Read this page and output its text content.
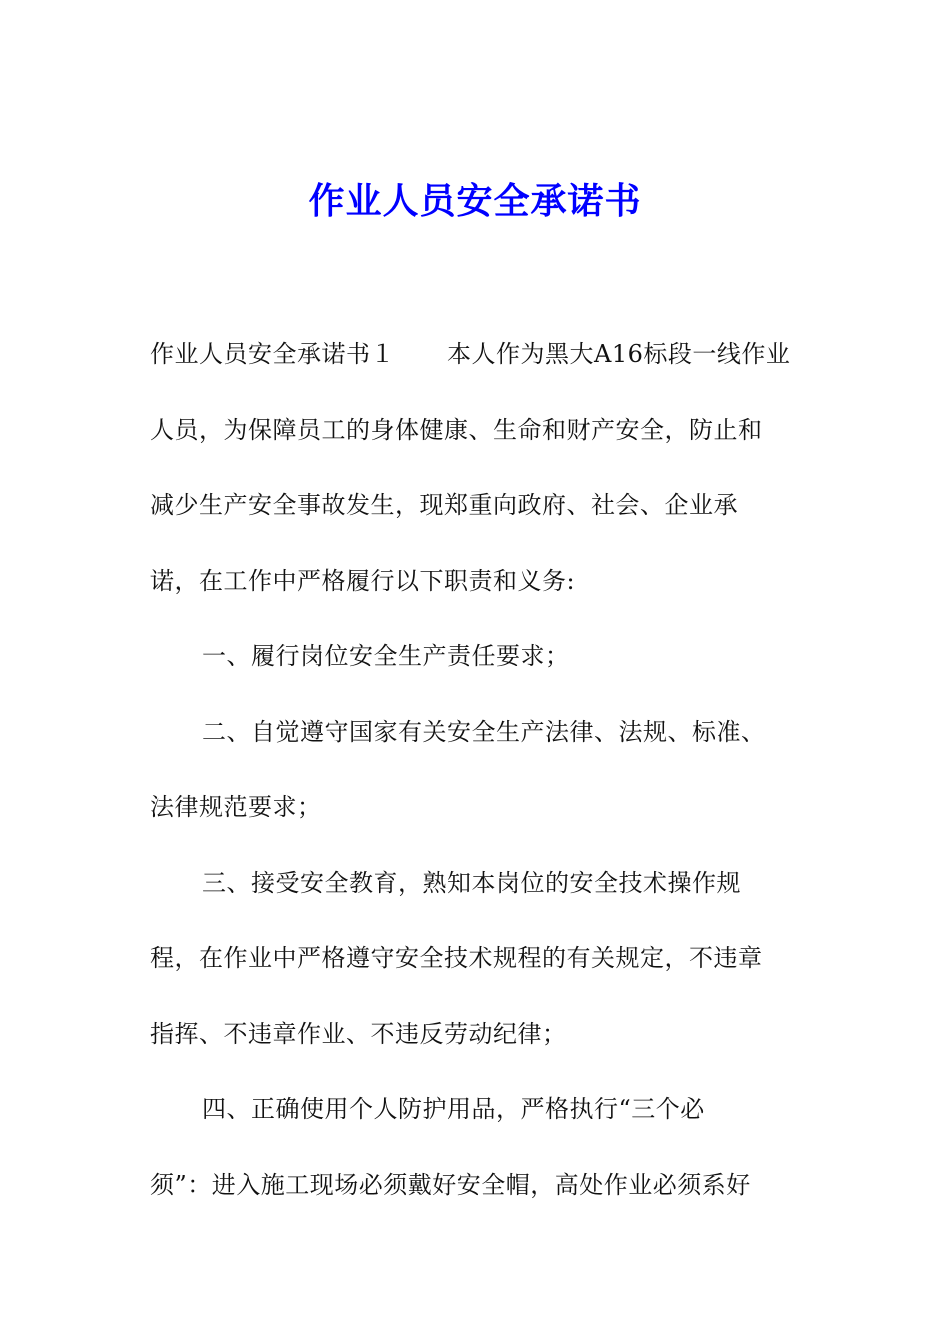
作业人员安全承诺书
作业人员安全承诺书１ 本人作为黑大A16标段一线作业
人员，为保障员工的身体健康、生命和财产安全，防止和
减少生产安全事故发生，现郑重向政府、社会、企业承
诺，在工作中严格履行以下职责和义务:
一、履行岗位安全生产责任要求；
二、自觉遵守国家有关安全生产法律、法规、标准、
法律规范要求；
三、接受安全教育，熟知本岗位的安全技术操作规
程，在作业中严格遵守安全技术规程的有关规定，不违章
指挥、不违章作业、不违反劳动纪律；
四、正确使用个人防护用品，严格执行“三个必
须”：进入施工现场必须戴好安全帽，高处作业必须系好
